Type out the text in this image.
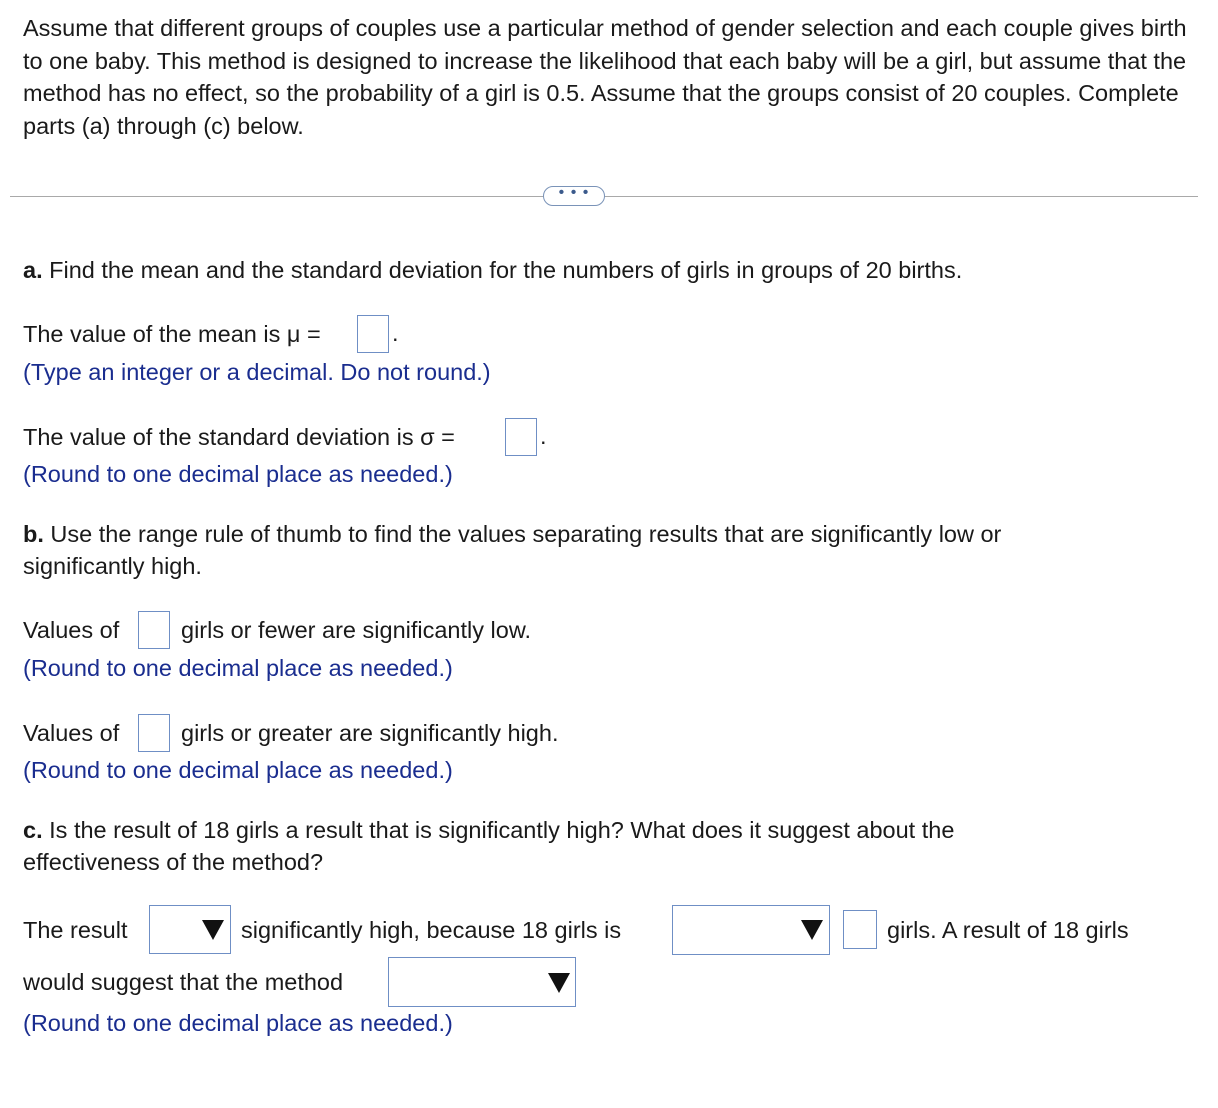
Assume that different groups of couples use a particular method of gender selection and each couple gives birth to one baby. This method is designed to increase the likelihood that each baby will be a girl, but assume that the method has no effect, so the probability of a girl is 0.5. Assume that the groups consist of 20 couples. Complete parts (a) through (c) below.
• • •
a. Find the mean and the standard deviation for the numbers of girls in groups of 20 births.
The value of the mean is μ =	.
(Type an integer or a decimal. Do not round.)
The value of the standard deviation is σ =	.
(Round to one decimal place as needed.)
b. Use the range rule of thumb to find the values separating results that are significantly low or
significantly high.
Values of	girls or fewer are significantly low.
(Round to one decimal place as needed.)
Values of	girls or greater are significantly high.
(Round to one decimal place as needed.)
c. Is the result of 18 girls a result that is significantly high? What does it suggest about the
effectiveness of the method?
The result	significantly high, because 18 girls is	girls. A result of 18 girls
would suggest that the method
(Round to one decimal place as needed.)
